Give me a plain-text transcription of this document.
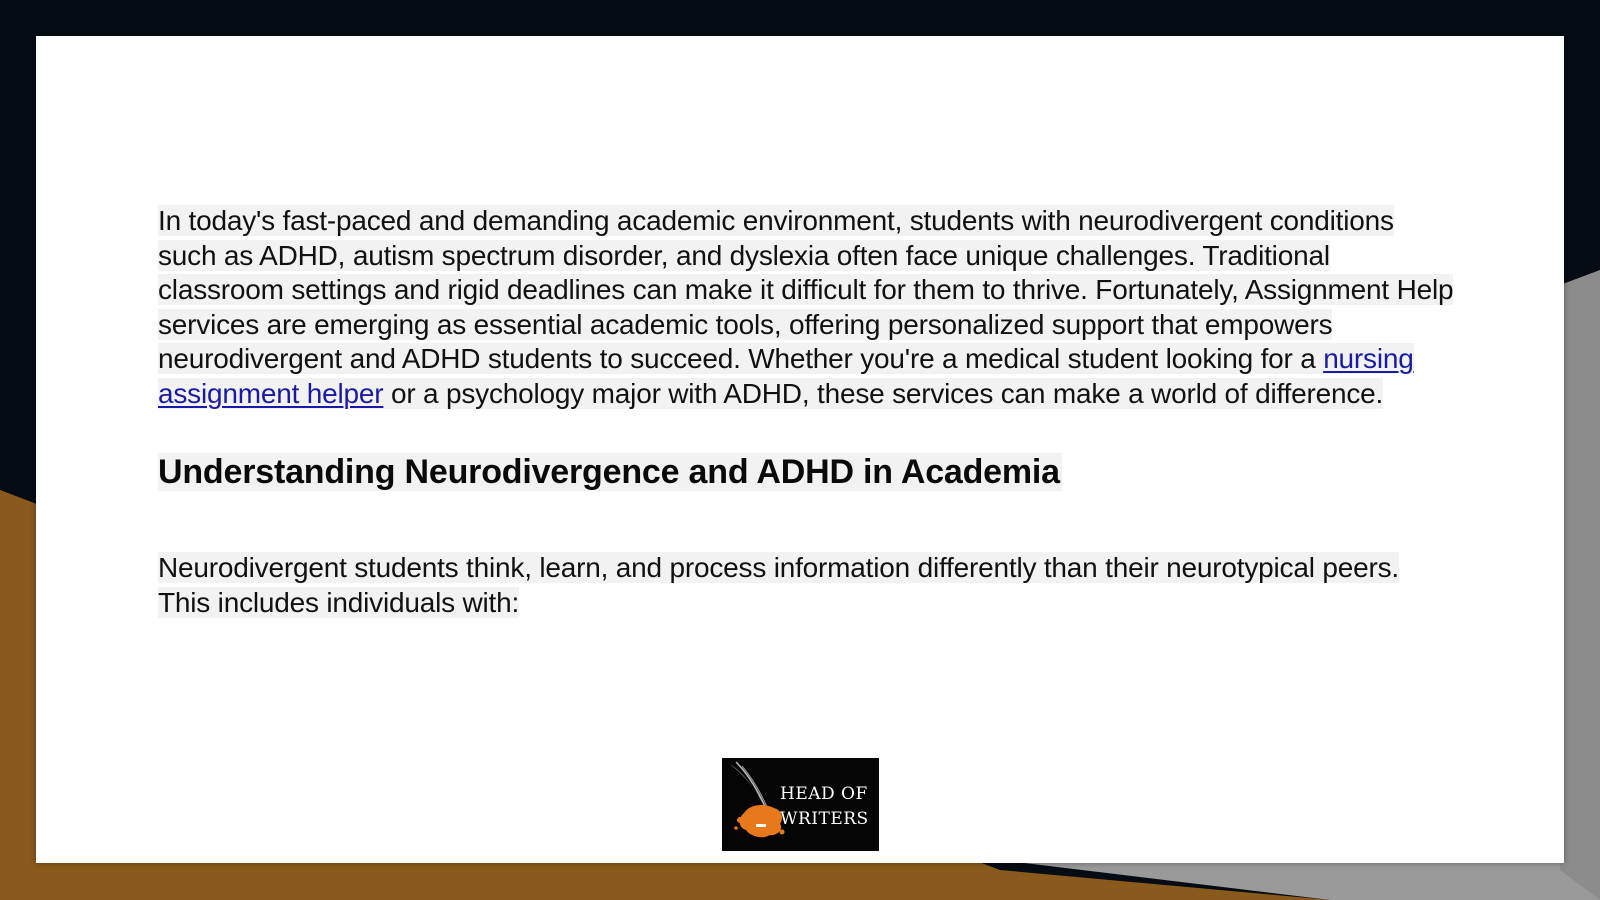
In today's fast-paced and demanding academic environment, students with neurodivergent conditions such as ADHD, autism spectrum disorder, and dyslexia often face unique challenges. Traditional classroom settings and rigid deadlines can make it difficult for them to thrive. Fortunately, Assignment Help services are emerging as essential academic tools, offering personalized support that empowers neurodivergent and ADHD students to succeed. Whether you're a medical student looking for a nursing assignment helper or a psychology major with ADHD, these services can make a world of difference.

Understanding Neurodivergence and ADHD in Academia

Neurodivergent students think, learn, and process information differently than their neurotypical peers. This includes individuals with:

HEAD OF
WRITERS
